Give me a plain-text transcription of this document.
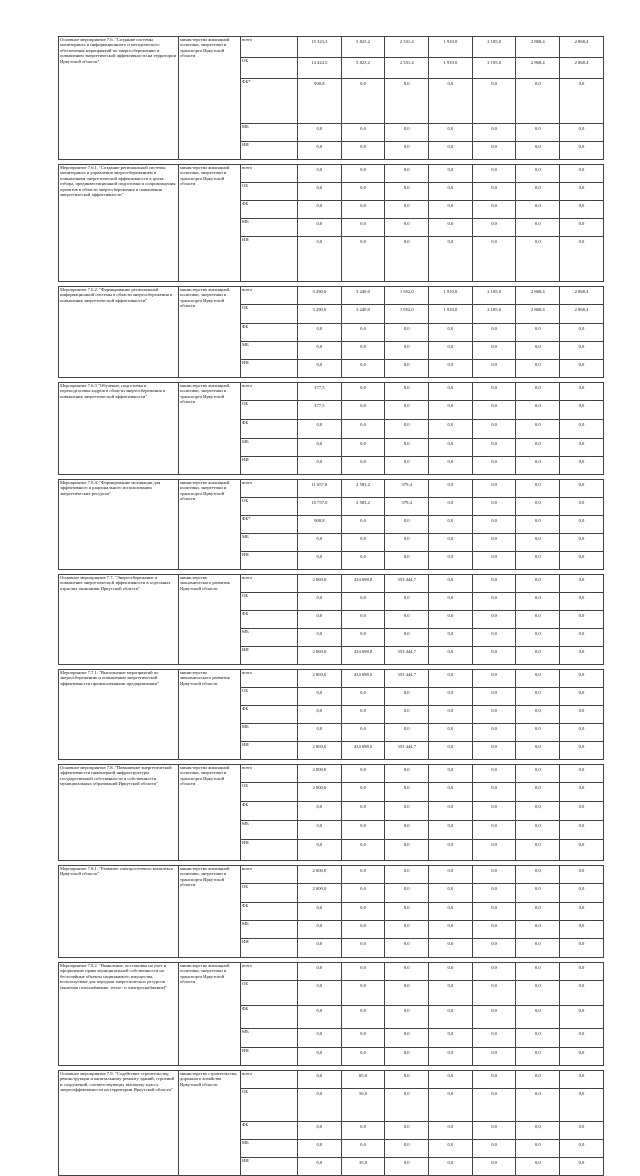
Основное мероприятие 7.6. "Создание системы мониторинга и информационного и методического обеспечения мероприятий по энергосбережению и повышению энергетической эффективности на территории Иркутской области"	министерство жилищной политики, энергетики и транспорта Иркутской области	всего	15 323,3	5 823,2	2 331,4	1 910,0	2 185,0	2 868,4	2 868,4
		ОБ	14 424,5	5 823,2	2 331,4	1 910,0	2 185,0	2 868,4	2 868,4
		ФБ*	900,8	0,0	0,0	0,0	0,0	0,0	0,0
		МБ	0,0	0,0	0,0	0,0	0,0	0,0	0,0
		ИИ	0,0	0,0	0,0	0,0	0,0	0,0	0,0

Мероприятие 7.6.1. "Создание региональной системы мониторинга и управления энергосбережением и повышением энергетической эффективности в целях отбора, прединвестиционной подготовки и сопровождения проектов в области энергосбережения и повышения энергетической эффективности"	министерство жилищной политики, энергетики и транспорта Иркутской области	всего	0,0	0,0	0,0	0,0	0,0	0,0	0,0
		ОБ	0,0	0,0	0,0	0,0	0,0	0,0	0,0
		ФБ	0,0	0,0	0,0	0,0	0,0	0,0	0,0
		МБ	0,0	0,0	0,0	0,0	0,0	0,0	0,0
		ИИ	0,0	0,0	0,0	0,0	0,0	0,0	0,0

Мероприятие 7.6.2. "Формирование региональной информационной системы в области энергосбережения и повышения энергетической эффективности"	министерство жилищной политики, энергетики и транспорта Иркутской области	всего	3 290,0	3 240,0	1 952,0	1 910,0	2 185,0	2 868,4	2 868,4
		ОБ	3 290,0	3 240,0	1 952,0	1 910,0	2 185,0	2 868,4	2 868,4
		ФБ	0,0	0,0	0,0	0,0	0,0	0,0	0,0
		МБ	0,0	0,0	0,0	0,0	0,0	0,0	0,0
		ИИ	0,0	0,0	0,0	0,0	0,0	0,0	0,0

Мероприятие 7.6.3 "Обучение, подготовка и переподготовка кадров в области энергосбережения и повышения энергетической эффективности"	министерство жилищной политики, энергетики и транспорта Иркутской области	всего	377,5	0,0	0,0	0,0	0,0	0,0	0,0
		ОБ	377,5	0,0	0,0	0,0	0,0	0,0	0,0
		ФБ	0,0	0,0	0,0	0,0	0,0	0,0	0,0
		МБ	0,0	0,0	0,0	0,0	0,0	0,0	0,0
		ИИ	0,0	0,0	0,0	0,0	0,0	0,0	0,0

Мероприятие 7.6.4. "Формирование мотивации для эффективного и рационального использования энергетических ресурсов"	министерство жилищной политики, энергетики и транспорта Иркутской области	всего	11 657,8	2 583,2	379,4	0,0	0,0	0,0	0,0
		ОБ	10 757,0	2 583,2	379,4	0,0	0,0	0,0	0,0
		ФБ*	900,8	0,0	0,0	0,0	0,0	0,0	0,0
		МБ	0,0	0,0	0,0	0,0	0,0	0,0	0,0
		ИИ	0,0	0,0	0,0	0,0	0,0	0,0	0,0

Основное мероприятие 7.7. "Энергосбережение и повышение энергетической эффективности в отдельных отраслях экономики Иркутской области"	министерство экономического развития Иркутской области	всего	2 869,0	434 698,0	353 444,7	0,0	0,0	0,0	0,0
		ОБ	0,0	0,0	0,0	0,0	0,0	0,0	0,0
		ФБ	0,0	0,0	0,0	0,0	0,0	0,0	0,0
		МБ	0,0	0,0	0,0	0,0	0,0	0,0	0,0
		ИИ	2 869,0	434 698,0	353 444,7	0,0	0,0	0,0	0,0

Мероприятие 7.7.1. "Выполнение мероприятий по энергосбережению и повышению энергетической эффективности промышленными предприятиями"	министерство экономического развития Иркутской области	всего	2 869,0	434 698,0	353 444,7	0,0	0,0	0,0	0,0
		ОБ	0,0	0,0	0,0	0,0	0,0	0,0	0,0
		ФБ	0,0	0,0	0,0	0,0	0,0	0,0	0,0
		МБ	0,0	0,0	0,0	0,0	0,0	0,0	0,0
		ИИ	2 869,0	434 698,0	353 444,7	0,0	0,0	0,0	0,0

Основное мероприятие 7.8. "Повышение энергетической эффективности инженерной инфраструктуры государственной собственности и собственности муниципальных образований Иркутской области"	министерство жилищной политики, энергетики и транспорта Иркутской области	всего	2 000,0	0,0	0,0	0,0	0,0	0,0	0,0
		ОБ	2 000,0	0,0	0,0	0,0	0,0	0,0	0,0
		ФБ	0,0	0,0	0,0	0,0	0,0	0,0	0,0
		МБ	0,0	0,0	0,0	0,0	0,0	0,0	0,0
		ИИ	0,0	0,0	0,0	0,0	0,0	0,0	0,0

Мероприятие 7.8.1. "Развитие электросетевого комплекса Иркутской области"	министерство жилищной политики, энергетики и транспорта Иркутской области	всего	2 000,0	0,0	0,0	0,0	0,0	0,0	0,0
		ОБ	2 000,0	0,0	0,0	0,0	0,0	0,0	0,0
		ФБ	0,0	0,0	0,0	0,0	0,0	0,0	0,0
		МБ	0,0	0,0	0,0	0,0	0,0	0,0	0,0
		ИИ	0,0	0,0	0,0	0,0	0,0	0,0	0,0

Мероприятие 7.8.2. "Выявление, постановка на учет и оформление права муниципальной собственности на бесхозяйные объекты недвижимого имущества, используемые для передачи энергетических ресурсов (включая газоснабжение, тепло- и электроснабжение)"	министерство жилищной политики, энергетики и транспорта Иркутской области	всего	0,0	0,0	0,0	0,0	0,0	0,0	0,0
		ОБ	0,0	0,0	0,0	0,0	0,0	0,0	0,0
		ФБ	0,0	0,0	0,0	0,0	0,0	0,0	0,0
		МБ	0,0	0,0	0,0	0,0	0,0	0,0	0,0
		ИИ	0,0	0,0	0,0	0,0	0,0	0,0	0,0

Основное мероприятие 7.9. "Содействие строительству, реконструкции и капитальному ремонту зданий, строений и сооружений, соответствующих высокому классу энергоэффективности на территории Иркутской области"	министерство строительства, дорожного хозяйства Иркутской области	всего	0,0	85,0	0,0	0,0	0,0	0,0	0,0
		ОБ	0,0	50,0	0,0	0,0	0,0	0,0	0,0
		ФБ	0,0	0,0	0,0	0,0	0,0	0,0	0,0
		МБ	0,0	0,0	0,0	0,0	0,0	0,0	0,0
		ИИ	0,0	35,0	0,0	0,0	0,0	0,0	0,0
